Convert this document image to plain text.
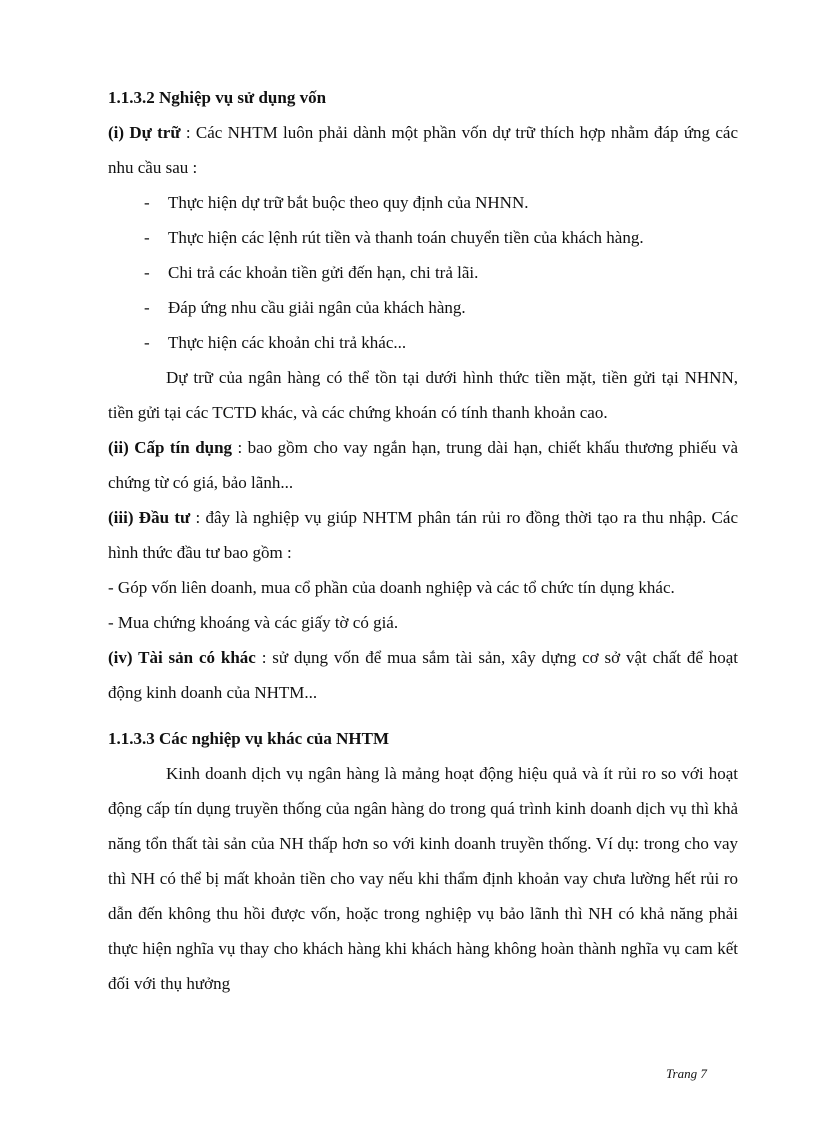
1.1.3.2 Nghiệp vụ sử dụng vốn

(i) Dự trữ : Các NHTM luôn phải dành một phần vốn dự trữ thích hợp nhằm đáp ứng các nhu cầu sau :

- Thực hiện dự trữ bắt buộc theo quy định của NHNN.
- Thực hiện các lệnh rút tiền và thanh toán chuyển tiền của khách hàng.
- Chi trả các khoản tiền gửi đến hạn, chi trả lãi.
- Đáp ứng nhu cầu giải ngân của khách hàng.
- Thực hiện các khoản chi trả khác...

Dự trữ của ngân hàng có thể tồn tại dưới hình thức tiền mặt, tiền gửi tại NHNN, tiền gửi tại các TCTD khác, và các chứng khoán có tính thanh khoản cao.

(ii) Cấp tín dụng : bao gồm cho vay ngắn hạn, trung dài hạn, chiết khấu thương phiếu và chứng từ có giá, bảo lãnh...

(iii) Đầu tư : đây là nghiệp vụ giúp NHTM phân tán rủi ro đồng thời tạo ra thu nhập. Các hình thức đầu tư bao gồm :

- Góp vốn liên doanh, mua cổ phần của doanh nghiệp và các tổ chức tín dụng khác.

- Mua chứng khoáng và các giấy tờ có giá.

(iv) Tài sản có khác : sử dụng vốn để mua sắm tài sản, xây dựng cơ sở vật chất để hoạt động kinh doanh của NHTM...

1.1.3.3 Các nghiệp vụ khác của NHTM

Kinh doanh dịch vụ ngân hàng là mảng hoạt động hiệu quả và ít rủi ro so với hoạt động cấp tín dụng truyền thống của ngân hàng do trong quá trình kinh doanh dịch vụ thì khả năng tổn thất tài sản của NH thấp hơn so với kinh doanh truyền thống. Ví dụ: trong cho vay thì NH có thể bị mất khoản tiền cho vay nếu khi thẩm định khoản vay chưa lường hết rủi ro dẫn đến không thu hồi được vốn, hoặc trong nghiệp vụ bảo lãnh thì NH có khả năng phải thực hiện nghĩa vụ thay cho khách hàng khi khách hàng không hoàn thành nghĩa vụ cam kết đối với thụ hưởng

Trang 7
